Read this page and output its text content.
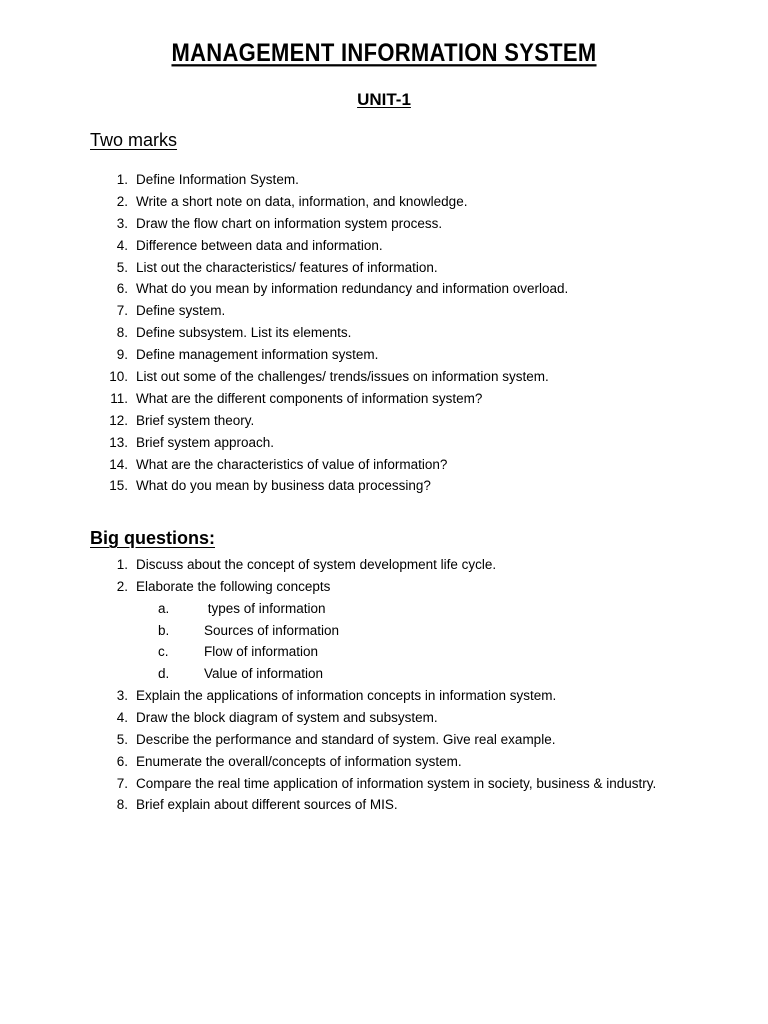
MANAGEMENT INFORMATION SYSTEM
UNIT-1
Two marks
1. Define Information System.
2. Write a short note on data, information, and knowledge.
3. Draw the flow chart on information system process.
4. Difference between data and information.
5. List out the characteristics/ features of information.
6. What do you mean by information redundancy and information overload.
7. Define system.
8. Define subsystem. List its elements.
9. Define management information system.
10. List out some of the challenges/ trends/issues on information system.
11. What are the different components of information system?
12. Brief system theory.
13. Brief system approach.
14. What are the characteristics of value of information?
15. What do you mean by business data processing?
Big questions:
1. Discuss about the concept of system development life cycle.
2. Elaborate the following concepts
a.	types of information
b.	Sources of information
c.	Flow of information
d.	Value of information
3. Explain the applications of information concepts in information system.
4. Draw the block diagram of system and subsystem.
5. Describe the performance and standard of system. Give real example.
6. Enumerate the overall/concepts of information system.
7. Compare the real time application of information system in society, business & industry.
8. Brief explain about different sources of MIS.
